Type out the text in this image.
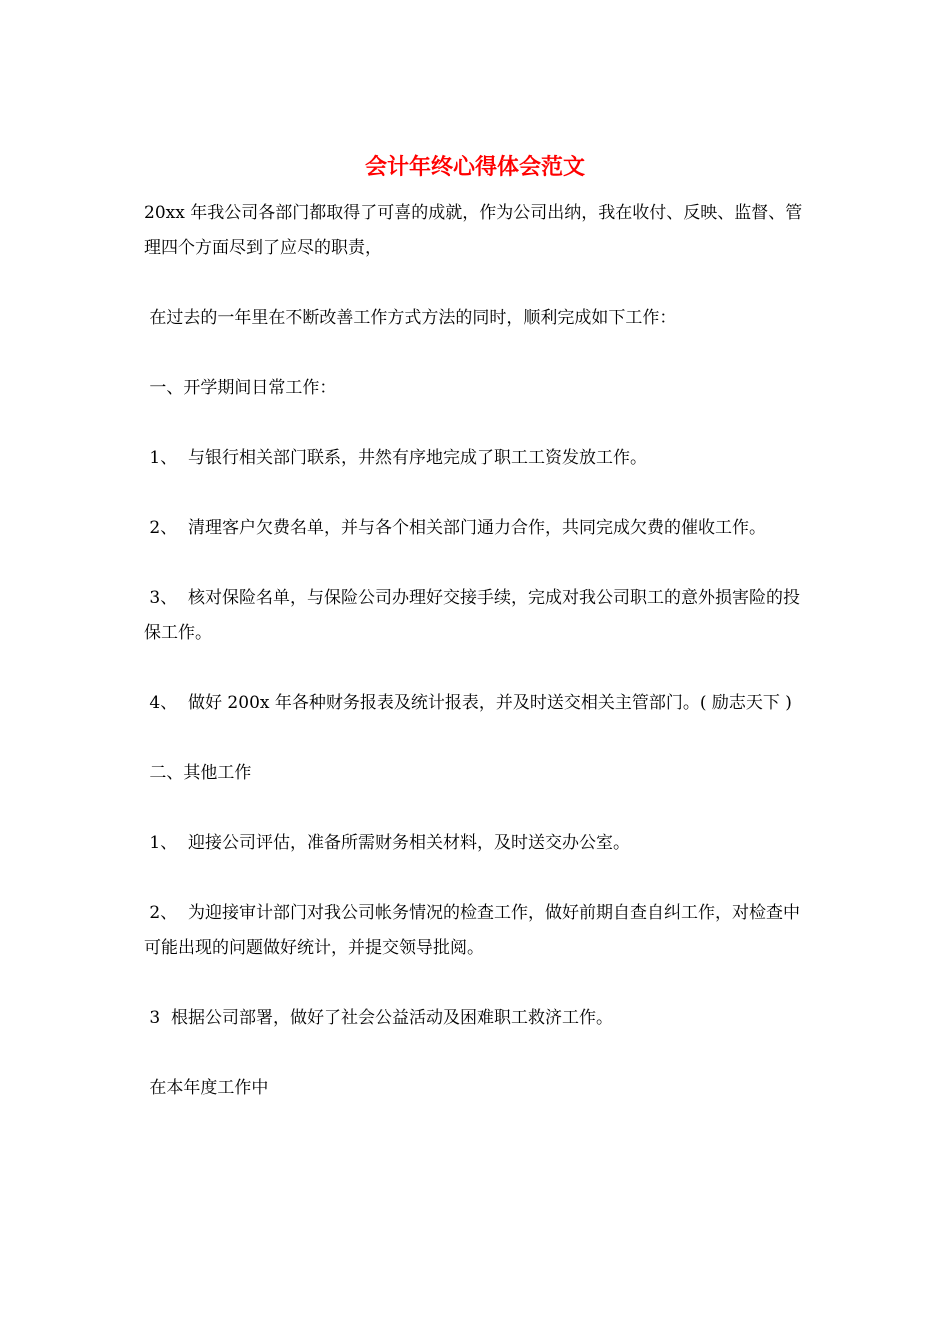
会计年终心得体会范文

20xx 年我公司各部门都取得了可喜的成就，作为公司出纳，我在收付、反映、监督、管理四个方面尽到了应尽的职责，

在过去的一年里在不断改善工作方式方法的同时，顺利完成如下工作：

一、开学期间日常工作：

1、  与银行相关部门联系，井然有序地完成了职工工资发放工作。

2、  清理客户欠费名单，并与各个相关部门通力合作，共同完成欠费的催收工作。

3、  核对保险名单，与保险公司办理好交接手续，完成对我公司职工的意外损害险的投保工作。

4、  做好 200x 年各种财务报表及统计报表，并及时送交相关主管部门。( 励志天下 )

二、其他工作

1、  迎接公司评估，准备所需财务相关材料，及时送交办公室。

2、  为迎接审计部门对我公司帐务情况的检查工作，做好前期自查自纠工作，对检查中可能出现的问题做好统计，并提交领导批阅。

3  根据公司部署，做好了社会公益活动及困难职工救济工作。

在本年度工作中
